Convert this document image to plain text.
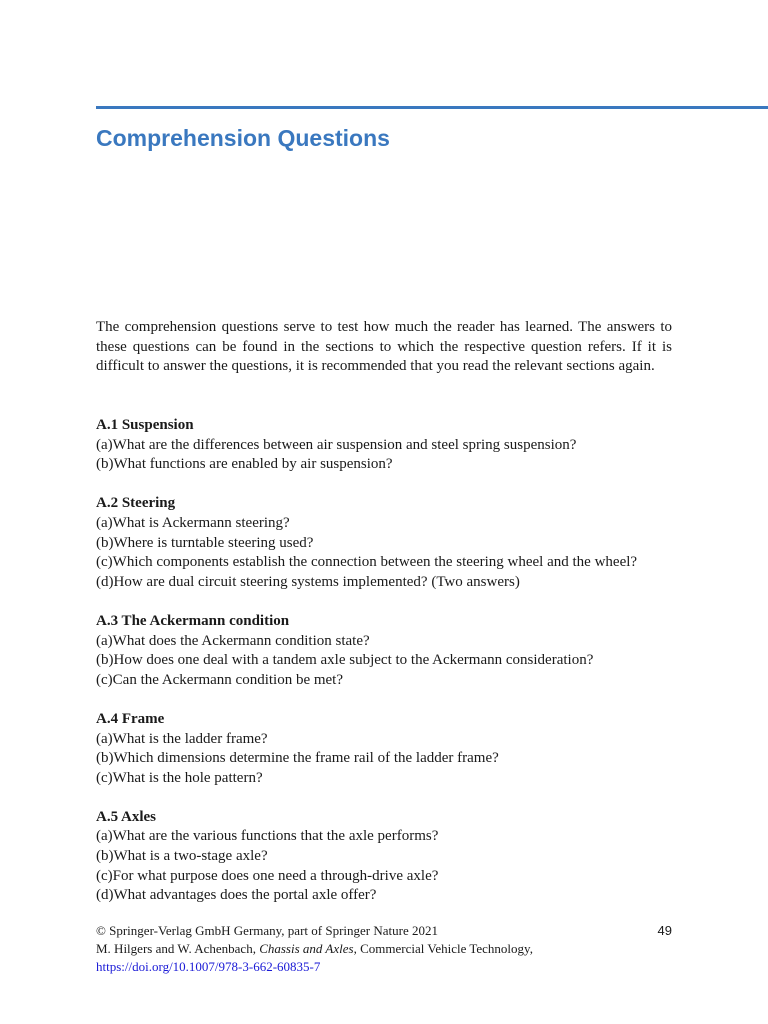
Comprehension Questions

The comprehension questions serve to test how much the reader has learned. The answers to these questions can be found in the sections to which the respective question refers. If it is difficult to answer the questions, it is recommended that you read the relevant sections again.

A.1 Suspension
(a)What are the differences between air suspension and steel spring suspension?
(b)What functions are enabled by air suspension?
A.2 Steering
(a)What is Ackermann steering?
(b)Where is turntable steering used?
(c)Which components establish the connection between the steering wheel and the wheel?
(d)How are dual circuit steering systems implemented? (Two answers)
A.3 The Ackermann condition
(a)What does the Ackermann condition state?
(b)How does one deal with a tandem axle subject to the Ackermann consideration?
(c)Can the Ackermann condition be met?
A.4 Frame
(a)What is the ladder frame?
(b)Which dimensions determine the frame rail of the ladder frame?
(c)What is the hole pattern?
A.5 Axles
(a)What are the various functions that the axle performs?
(b)What is a two-stage axle?
(c)For what purpose does one need a through-drive axle?
(d)What advantages does the portal axle offer?
© Springer-Verlag GmbH Germany, part of Springer Nature 2021
M. Hilgers and W. Achenbach, Chassis and Axles, Commercial Vehicle Technology,
https://doi.org/10.1007/978-3-662-60835-7
49
